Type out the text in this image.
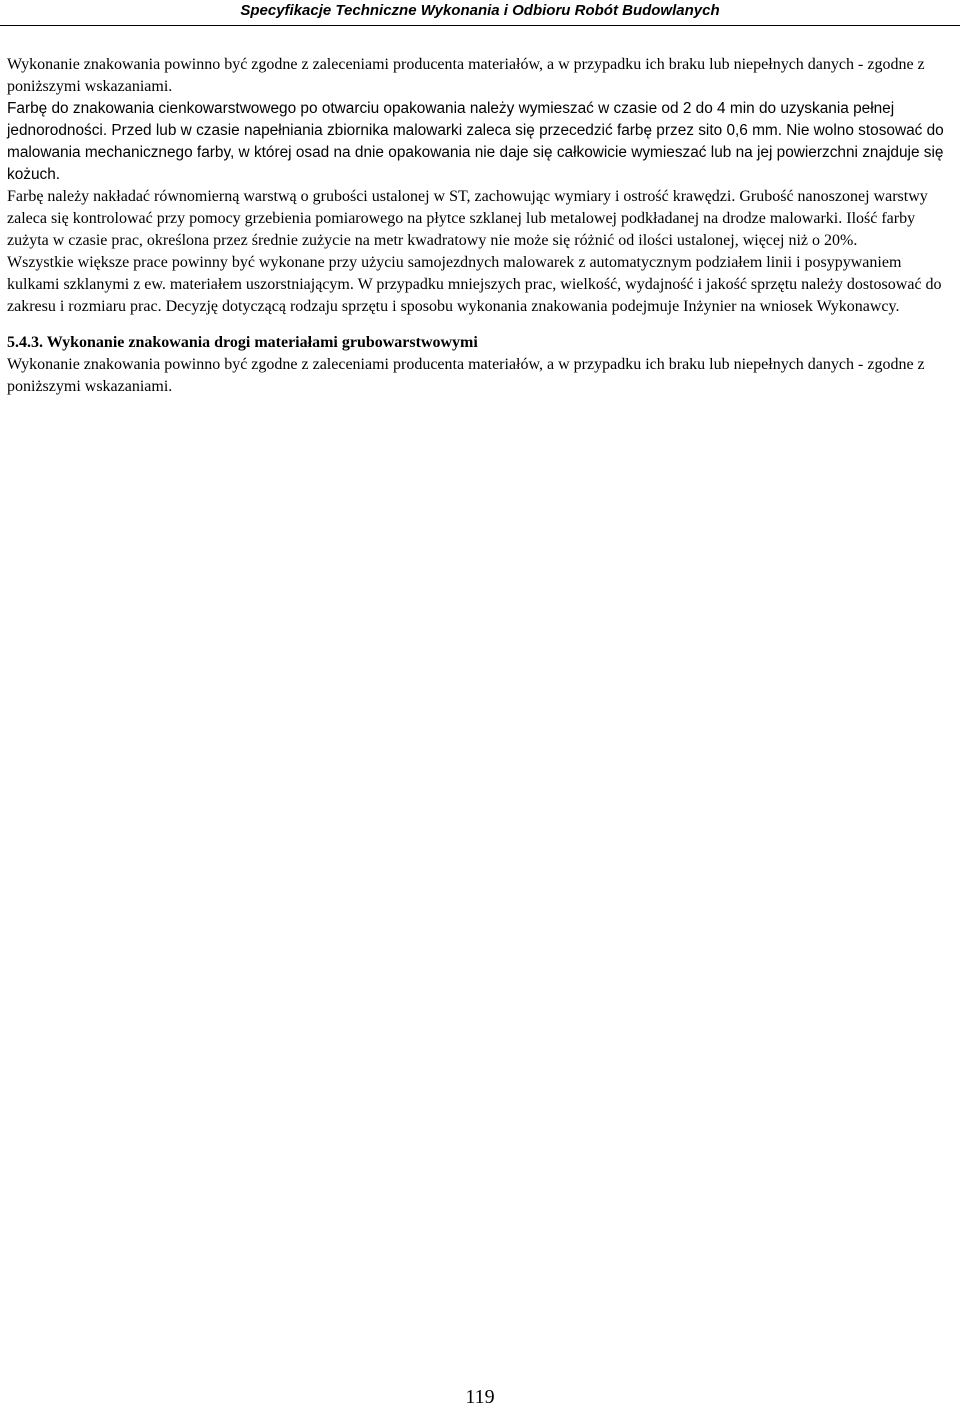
Specyfikacje Techniczne Wykonania i Odbioru Robót Budowlanych

Wykonanie znakowania powinno być zgodne z zaleceniami producenta materiałów, a w przypadku ich braku lub niepełnych danych - zgodne z poniższymi wskazaniami.

Farbę do znakowania cienkowarstwowego po otwarciu opakowania należy wymieszać w czasie od 2 do 4 min do uzyskania pełnej jednorodności. Przed lub w czasie napełniania zbiornika malowarki zaleca się przecedzić farbę przez sito 0,6 mm. Nie wolno stosować do malowania mechanicznego farby, w której osad na dnie opakowania nie daje się całkowicie wymieszać lub na jej powierzchni znajduje się kożuch.

Farbę należy nakładać równomierną warstwą o grubości ustalonej w ST, zachowując wymiary i ostrość krawędzi. Grubość nanoszonej warstwy zaleca się kontrolować przy pomocy grzebienia pomiarowego na płytce szklanej lub metalowej podkładanej na drodze malowarki. Ilość farby zużyta w czasie prac, określona przez średnie zużycie na metr kwadratowy nie może się różnić od ilości ustalonej, więcej niż o 20%.

Wszystkie większe prace powinny być wykonane przy użyciu samojezdnych malowarek z automatycznym podziałem linii i posypywaniem kulkami szklanymi z ew. materiałem uszorstniającym. W przypadku mniejszych prac, wielkość, wydajność i jakość sprzętu należy dostosować do zakresu i rozmiaru prac. Decyzję dotyczącą rodzaju sprzętu i sposobu wykonania znakowania podejmuje Inżynier na wniosek Wykonawcy.

5.4.3. Wykonanie znakowania drogi materiałami grubowarstwowymi

Wykonanie znakowania powinno być zgodne z zaleceniami producenta materiałów, a w przypadku ich braku lub niepełnych danych - zgodne z poniższymi wskazaniami.

119
